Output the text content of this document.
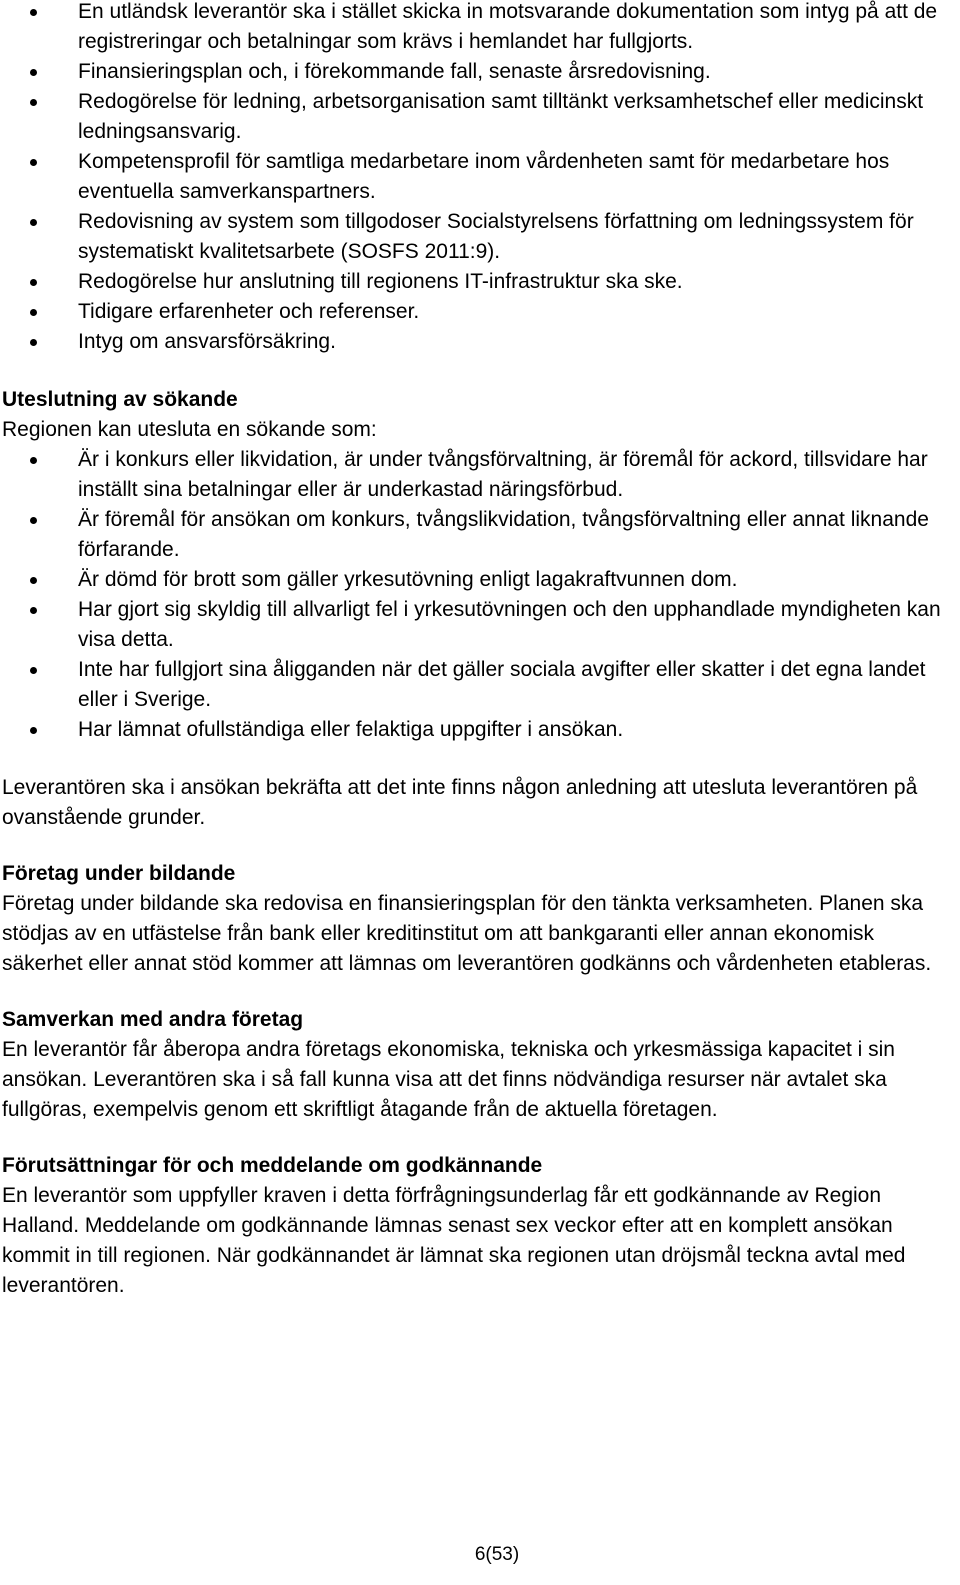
En utländsk leverantör ska i stället skicka in motsvarande dokumentation som intyg på att de registreringar och betalningar som krävs i hemlandet har fullgjorts.
Finansieringsplan och, i förekommande fall, senaste årsredovisning.
Redogörelse för ledning, arbetsorganisation samt tilltänkt verksamhetschef eller medicinskt ledningsansvarig.
Kompetensprofil för samtliga medarbetare inom vårdenheten samt för medarbetare hos eventuella samverkanspartners.
Redovisning av system som tillgodoser Socialstyrelsens författning om ledningssystem för systematiskt kvalitetsarbete (SOSFS 2011:9).
Redogörelse hur anslutning till regionens IT-infrastruktur ska ske.
Tidigare erfarenheter och referenser.
Intyg om ansvarsförsäkring.

Uteslutning av sökande

Regionen kan utesluta en sökande som:

Är i konkurs eller likvidation, är under tvångsförvaltning, är föremål för ackord, tillsvidare har inställt sina betalningar eller är underkastad näringsförbud.
Är föremål för ansökan om konkurs, tvångslikvidation, tvångsförvaltning eller annat liknande förfarande.
Är dömd för brott som gäller yrkesutövning enligt lagakraftvunnen dom.
Har gjort sig skyldig till allvarligt fel i yrkesutövningen och den upphandlade myndigheten kan visa detta.
Inte har fullgjort sina åligganden när det gäller sociala avgifter eller skatter i det egna landet eller i Sverige.
Har lämnat ofullständiga eller felaktiga uppgifter i ansökan.

Leverantören ska i ansökan bekräfta att det inte finns någon anledning att utesluta leverantören på ovanstående grunder.

Företag under bildande

Företag under bildande ska redovisa en finansieringsplan för den tänkta verksamheten. Planen ska stödjas av en utfästelse från bank eller kreditinstitut om att bankgaranti eller annan ekonomisk säkerhet eller annat stöd kommer att lämnas om leverantören godkänns och vårdenheten etableras.

Samverkan med andra företag

En leverantör får åberopa andra företags ekonomiska, tekniska och yrkesmässiga kapacitet i sin ansökan. Leverantören ska i så fall kunna visa att det finns nödvändiga resurser när avtalet ska fullgöras, exempelvis genom ett skriftligt åtagande från de aktuella företagen.

Förutsättningar för och meddelande om godkännande

En leverantör som uppfyller kraven i detta förfrågningsunderlag får ett godkännande av Region Halland. Meddelande om godkännande lämnas senast sex veckor efter att en komplett ansökan kommit in till regionen. När godkännandet är lämnat ska regionen utan dröjsmål teckna avtal med leverantören.

6(53)
